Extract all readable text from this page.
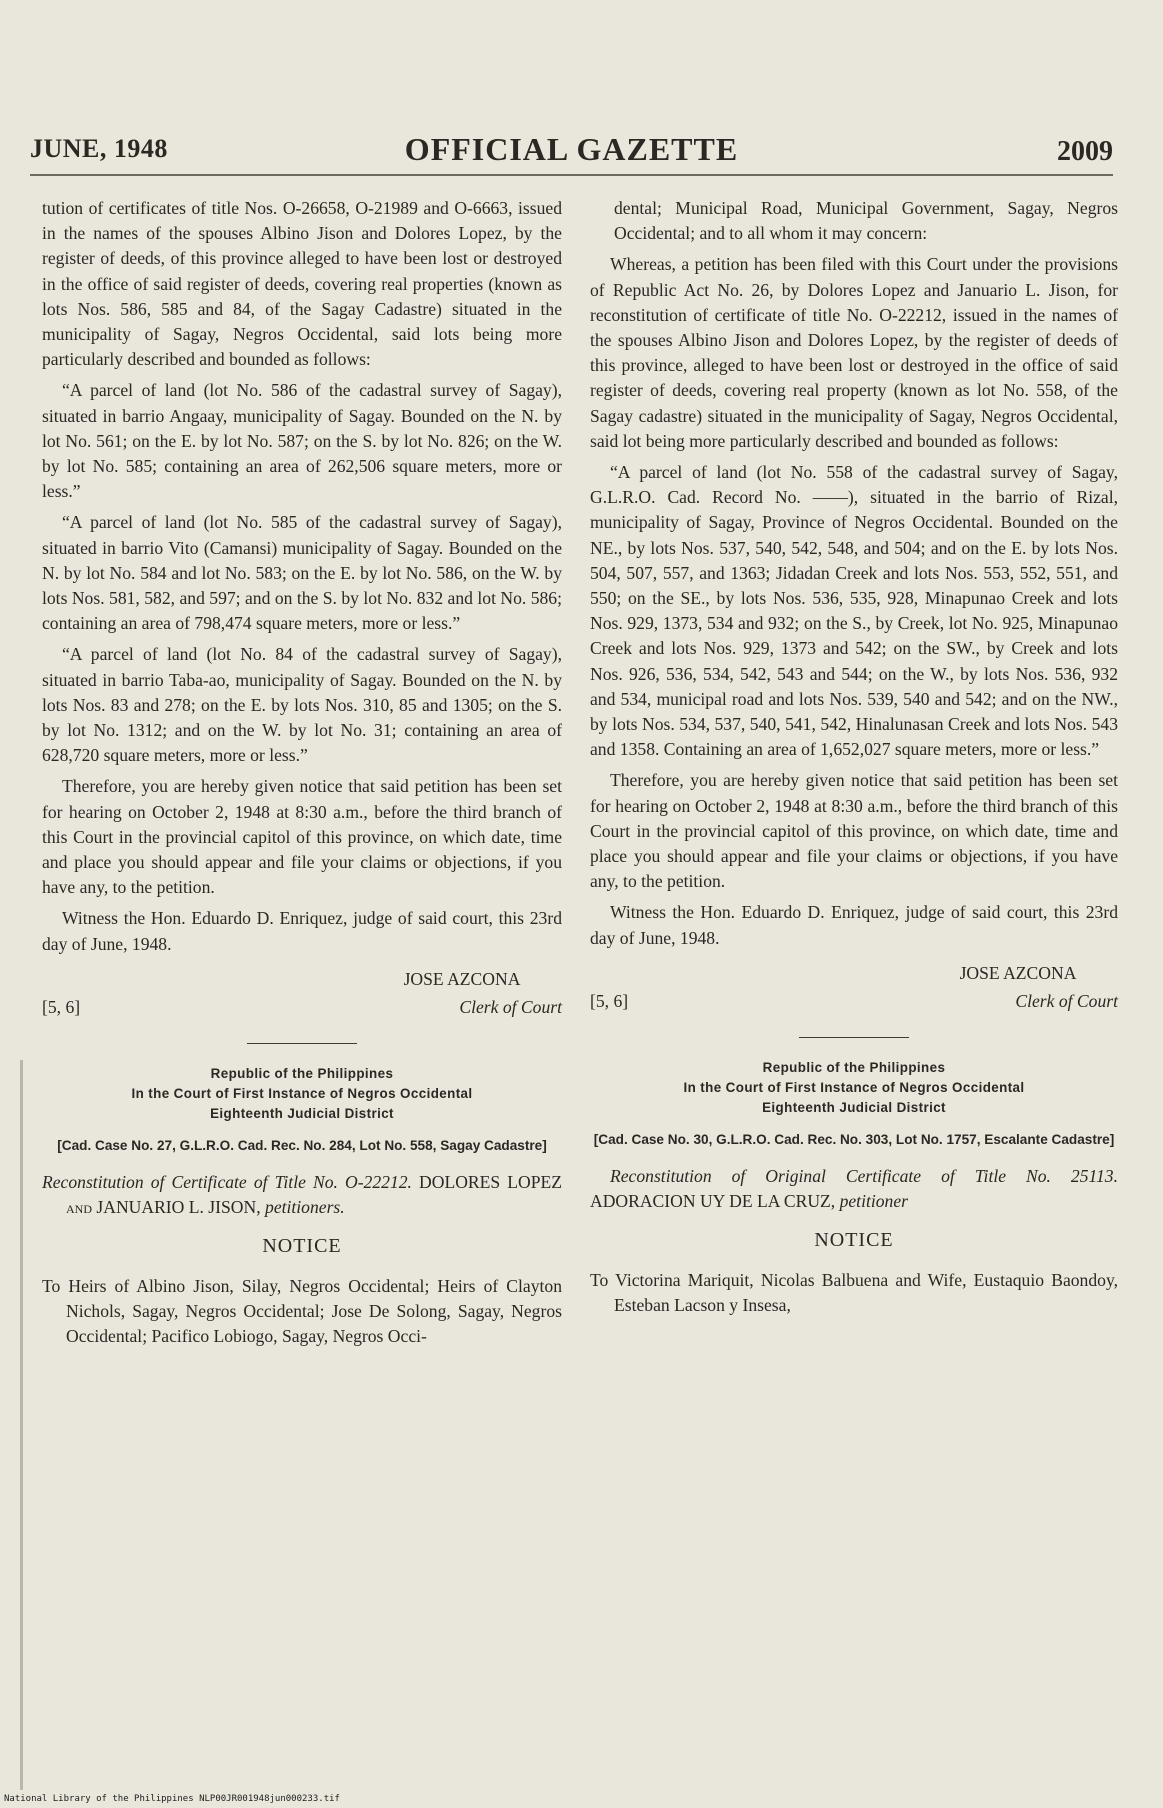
JUNE, 1948	OFFICIAL GAZETTE	2009

tution of certificates of title Nos. O-26658, O-21989 and O-6663, issued in the names of the spouses Albino Jison and Dolores Lopez, by the register of deeds, of this province alleged to have been lost or destroyed in the office of said register of deeds, covering real properties (known as lots Nos. 586, 585 and 84, of the Sagay Cadastre) situated in the municipality of Sagay, Negros Occidental, said lots being more particularly described and bounded as follows:

“A parcel of land (lot No. 586 of the cadastral survey of Sagay), situated in barrio Angaay, municipality of Sagay. Bounded on the N. by lot No. 561; on the E. by lot No. 587; on the S. by lot No. 826; on the W. by lot No. 585; containing an area of 262,506 square meters, more or less.”

“A parcel of land (lot No. 585 of the cadastral survey of Sagay), situated in barrio Vito (Camansi) municipality of Sagay. Bounded on the N. by lot No. 584 and lot No. 583; on the E. by lot No. 586, on the W. by lots Nos. 581, 582, and 597; and on the S. by lot No. 832 and lot No. 586; containing an area of 798,474 square meters, more or less.”

“A parcel of land (lot No. 84 of the cadastral survey of Sagay), situated in barrio Taba-ao, municipality of Sagay. Bounded on the N. by lots Nos. 83 and 278; on the E. by lots Nos. 310, 85 and 1305; on the S. by lot No. 1312; and on the W. by lot No. 31; containing an area of 628,720 square meters, more or less.”

Therefore, you are hereby given notice that said petition has been set for hearing on October 2, 1948 at 8:30 a.m., before the third branch of this Court in the provincial capitol of this province, on which date, time and place you should appear and file your claims or objections, if you have any, to the petition.

Witness the Hon. Eduardo D. Enriquez, judge of said court, this 23rd day of June, 1948.

[5, 6]
JOSE AZCONA
Clerk of Court
Republic of the Philippines
In the Court of First Instance of Negros Occidental
Eighteenth Judicial District
[Cad. Case No. 27, G.L.R.O. Cad. Rec. No. 284, Lot No. 558, Sagay Cadastre]

Reconstitution of Certificate of Title No. O-22212. DOLORES LOPEZ and JANUARIO L. JISON, petitioners.

NOTICE

To Heirs of Albino Jison, Silay, Negros Occidental; Heirs of Clayton Nichols, Sagay, Negros Occidental; Jose De Solong, Sagay, Negros Occidental; Pacifico Lobiogo, Sagay, Negros Occi-

dental; Municipal Road, Municipal Government, Sagay, Negros Occidental; and to all whom it may concern:

Whereas, a petition has been filed with this Court under the provisions of Republic Act No. 26, by Dolores Lopez and Januario L. Jison, for reconstitution of certificate of title No. O-22212, issued in the names of the spouses Albino Jison and Dolores Lopez, by the register of deeds of this province, alleged to have been lost or destroyed in the office of said register of deeds, covering real property (known as lot No. 558, of the Sagay cadastre) situated in the municipality of Sagay, Negros Occidental, said lot being more particularly described and bounded as follows:

“A parcel of land (lot No. 558 of the cadastral survey of Sagay, G.L.R.O. Cad. Record No. ——), situated in the barrio of Rizal, municipality of Sagay, Province of Negros Occidental. Bounded on the NE., by lots Nos. 537, 540, 542, 548, and 504; and on the E. by lots Nos. 504, 507, 557, and 1363; Jidadan Creek and lots Nos. 553, 552, 551, and 550; on the SE., by lots Nos. 536, 535, 928, Minapunao Creek and lots Nos. 929, 1373, 534 and 932; on the S., by Creek, lot No. 925, Minapunao Creek and lots Nos. 929, 1373 and 542; on the SW., by Creek and lots Nos. 926, 536, 534, 542, 543 and 544; on the W., by lots Nos. 536, 932 and 534, municipal road and lots Nos. 539, 540 and 542; and on the NW., by lots Nos. 534, 537, 540, 541, 542, Hinalunasan Creek and lots Nos. 543 and 1358. Containing an area of 1,652,027 square meters, more or less.”

Therefore, you are hereby given notice that said petition has been set for hearing on October 2, 1948 at 8:30 a.m., before the third branch of this Court in the provincial capitol of this province, on which date, time and place you should appear and file your claims or objections, if you have any, to the petition.

Witness the Hon. Eduardo D. Enriquez, judge of said court, this 23rd day of June, 1948.

[5, 6]
JOSE AZCONA
Clerk of Court
Republic of the Philippines
In the Court of First Instance of Negros Occidental
Eighteenth Judicial District
[Cad. Case No. 30, G.L.R.O. Cad. Rec. No. 303, Lot No. 1757, Escalante Cadastre]

Reconstitution of Original Certificate of Title No. 25113. ADORACION UY DE LA CRUZ, petitioner

NOTICE

To Victorina Mariquit, Nicolas Balbuena and Wife, Eustaquio Baondoy, Esteban Lacson y Insesa,

National Library of the Philippines NLP00JR001948jun000233.tif
